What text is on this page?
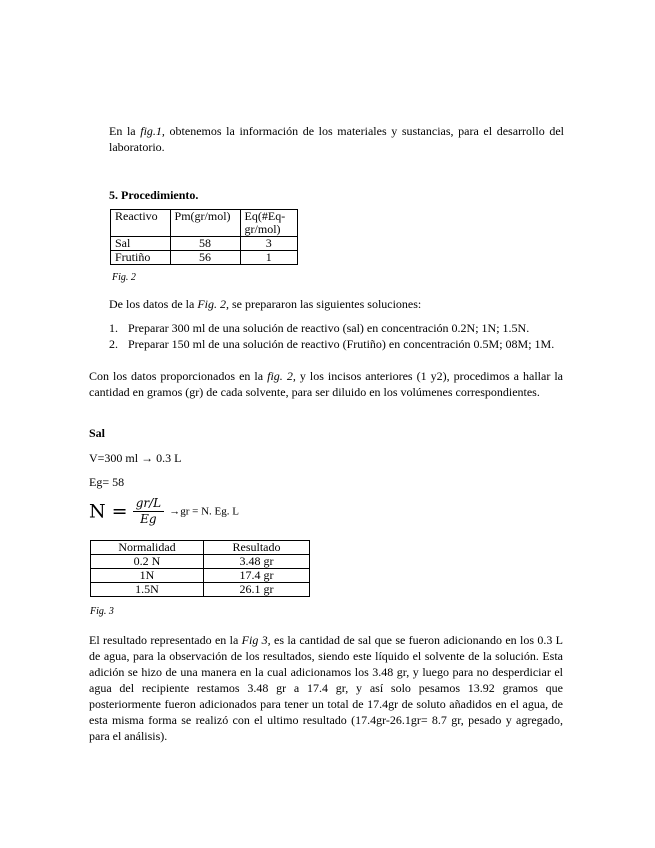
En la fig.1, obtenemos la información de los materiales y sustancias, para el desarrollo del laboratorio.
5. Procedimiento.
Reactivo	Pm(gr/mol)	Eq(#Eq-gr/mol)
Sal	58	3
Frutiño	56	1
Fig. 2
De los datos de la Fig. 2, se prepararon las siguientes soluciones:
1. Preparar 300 ml de una solución de reactivo (sal) en concentración 0.2N; 1N; 1.5N.
2. Preparar 150 ml de una solución de reactivo (Frutiño) en concentración 0.5M; 08M; 1M.
Con los datos proporcionados en la fig. 2, y los incisos anteriores (1 y2), procedimos a hallar la cantidad en gramos (gr) de cada solvente, para ser diluido en los volúmenes correspondientes.
Sal
V=300 ml → 0.3 L
Eg= 58
$N = \frac{gr/L}{Eg} \to gr = N$. Eg. L
Normalidad	Resultado
0.2 N	3.48 gr
1N	17.4 gr
1.5N	26.1 gr
Fig. 3
El resultado representado en la Fig 3, es la cantidad de sal que se fueron adicionando en los 0.3 L de agua, para la observación de los resultados, siendo este líquido el solvente de la solución. Esta adición se hizo de una manera en la cual adicionamos los 3.48 gr, y luego para no desperdiciar el agua del recipiente restamos 3.48 gr a 17.4 gr, y así solo pesamos 13.92 gramos que posteriormente fueron adicionados para tener un total de 17.4gr de soluto añadidos en el agua, de esta misma forma se realizó con el ultimo resultado (17.4gr-26.1gr= 8.7 gr, pesado y agregado, para el análisis).
